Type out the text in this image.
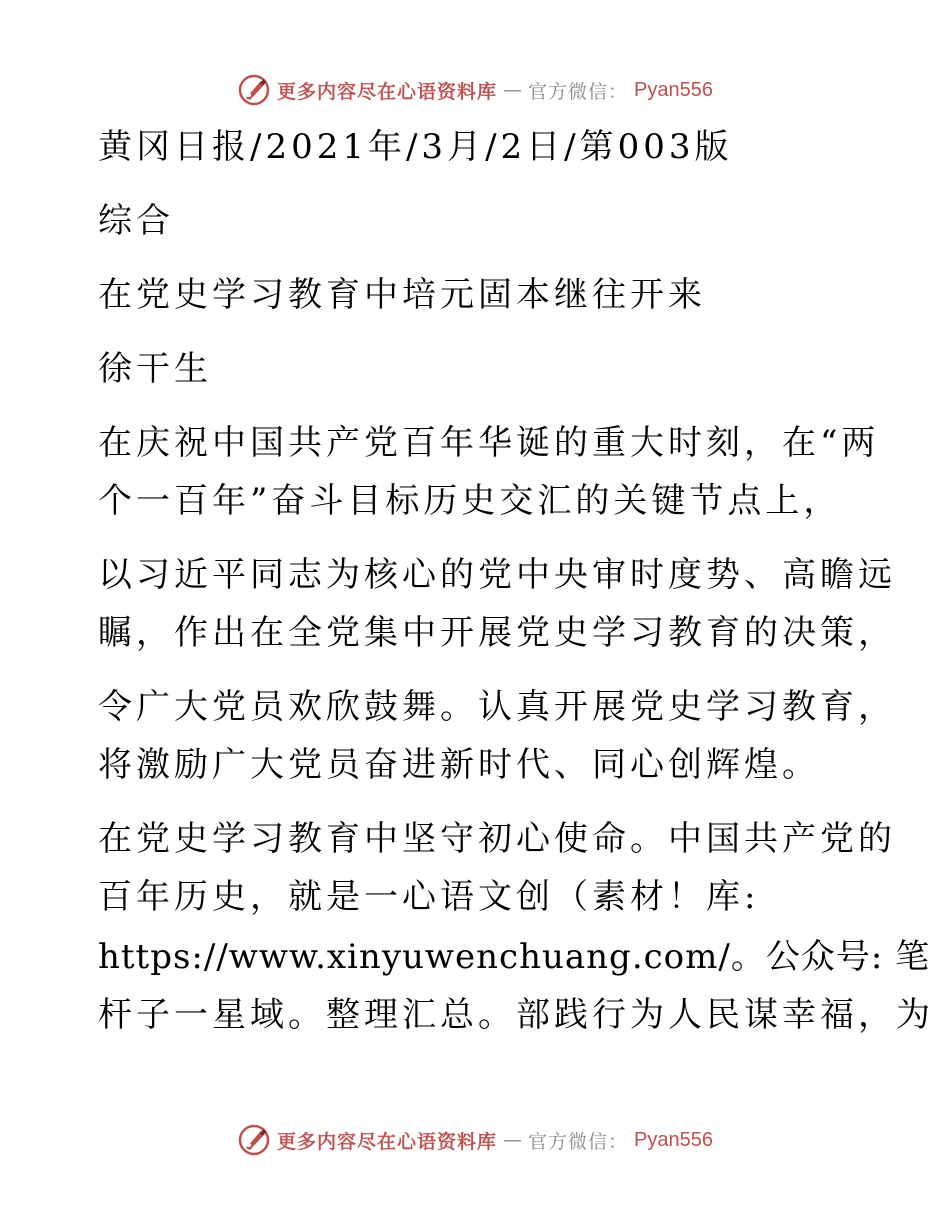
更多内容尽在心语资料库 — 官方微信： Pyan556
黄冈日报/2021年/3月/2日/第003版
综合
在党史学习教育中培元固本继往开来
徐干生
在庆祝中国共产党百年华诞的重大时刻，在“两
个一百年”奋斗目标历史交汇的关键节点上，
以习近平同志为核心的党中央审时度势、高瞻远
瞩，作出在全党集中开展党史学习教育的决策，
令广大党员欢欣鼓舞。认真开展党史学习教育，
将激励广大党员奋进新时代、同心创辉煌。
在党史学习教育中坚守初心使命。中国共产党的
百年历史，就是一心语文创（素材！库:
https://www.xinyuwenchuang.com/。公众号: 笔
杆子一星域。整理汇总。部践行为人民谋幸福，为
更多内容尽在心语资料库 — 官方微信： Pyan556
